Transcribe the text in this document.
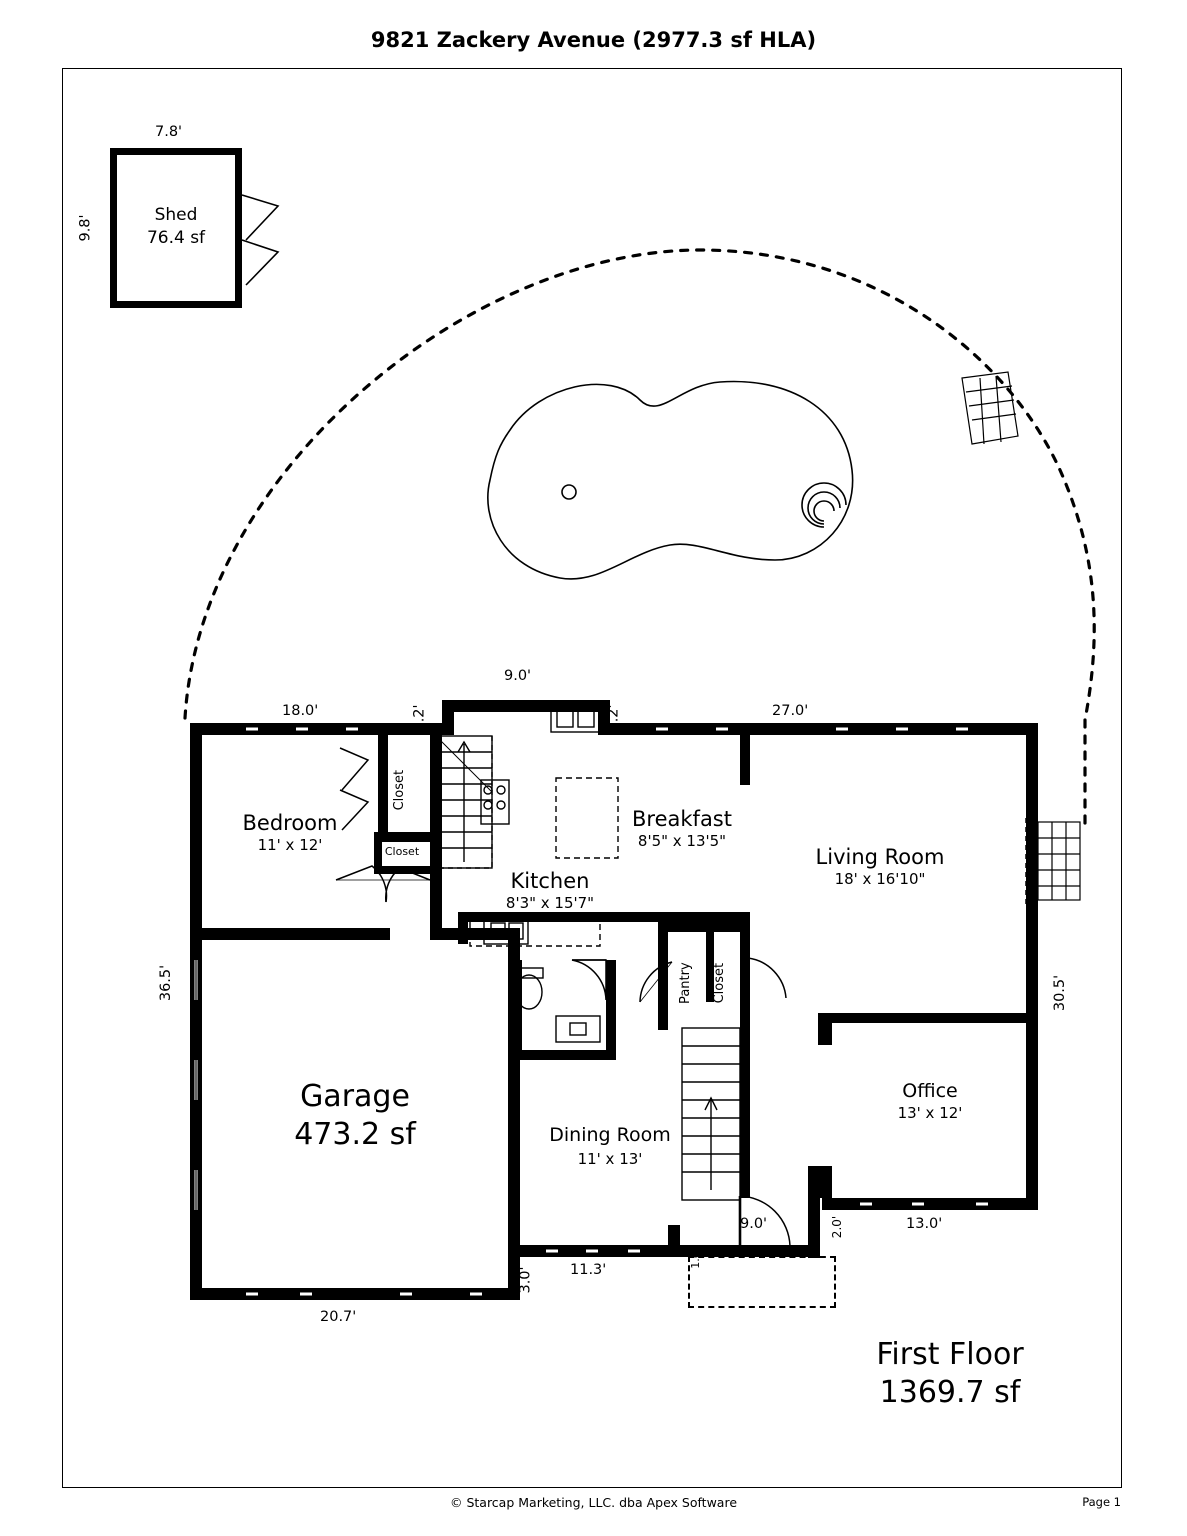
9821 Zackery Avenue (2977.3 sf HLA)
Shed
76.4 sf
7.8'
9.8'
Bedroom
11' x 12'
Kitchen
8'3" x 15'7"
Breakfast
8'5" x 13'5"
Living Room
18' x 16'10"
Office
13' x 12'
Dining Room
11' x 13'
Garage
473.2 sf
Closet
Closet
Pantry Closet
First Floor
1369.7 sf
18.0'	2.2'
9.0'
2.2'	27.0'
36.5'	30.5'
20.7'
3.0'	11.3'
1.0'
9.0'	2.0'	13.0'
© Starcap Marketing, LLC. dba Apex Software	Page 1
